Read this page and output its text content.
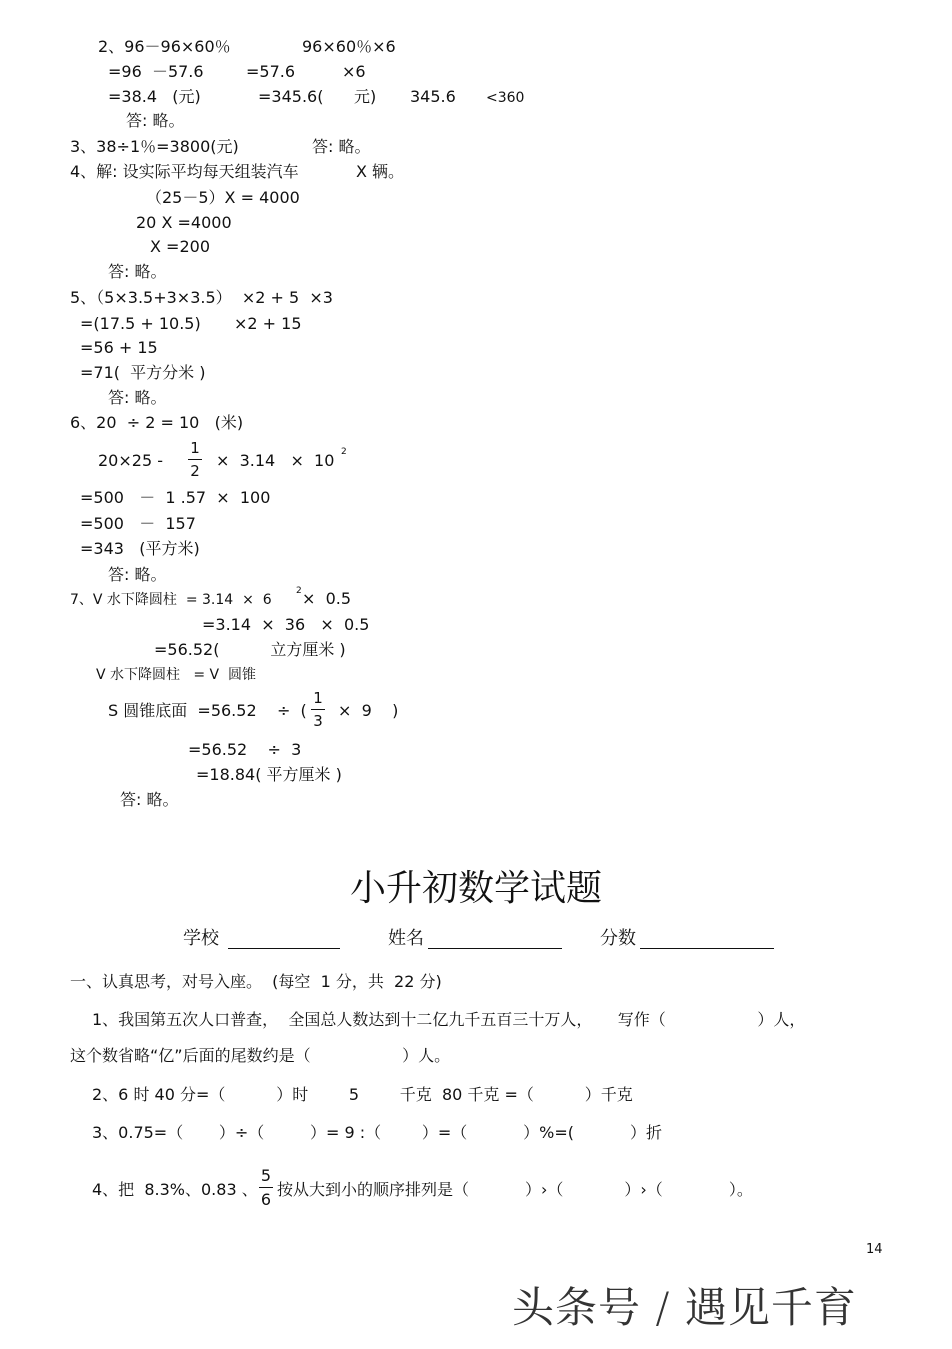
2、96－96×60％	96×60％×6
=96  －57.6	=57.6	×6
=38.4   (元)	=345.6(      元) 345.6 <360
答: 略。
3、38÷1％=3800(元)	答: 略。
4、解: 设实际平均每天组装汽车	X 辆。
（25－5）X = 4000
20 X =4000
X =200
答: 略。
5、（5×3.5+3×3.5）  ×2 + 5  ×3
=(17.5 + 10.5) ×2 + 15
=56 + 15
=71(  平方分米 )
答: 略。
6、20  ÷ 2 = 10   (米)
20×25 -
1
2
×  3.14   ×  10 2
=500   －  1 .57  ×  100
=500   －  157
=343   (平方米)
答: 略。
7、V 水下降圆柱  = 3.14  ×  6
2 ×  0.5
=3.14  ×  36   ×  0.5
=56.52(          立方厘米 )
V 水下降圆柱   = V  圆锥
S 圆锥底面  =56.52    ÷  (
1
3
×  9    )
=56.52    ÷  3
=18.84( 平方厘米 )
答: 略。
小升初数学试题
学校	姓名	分数
一、认真思考，对号入座。  (每空  1 分，共  22 分)
1、我国第五次人口普查，  全国总人数达到十二亿九千五百三十万人，     写作（                  ）人，
这个数省略“亿”后面的尾数约是（                  ）人。
2、6 时 40 分=（          ）时        5        千克  80 千克 =（          ）千克
3、0.75=（       ）÷（         ）= 9 :（        ）=（           ）%=(           ）折
4、把  8.3%、0.83 、
5
6
按从大到小的顺序排列是（           ）›（            ）›（             ）。
14
头条号 / 遇见千育
